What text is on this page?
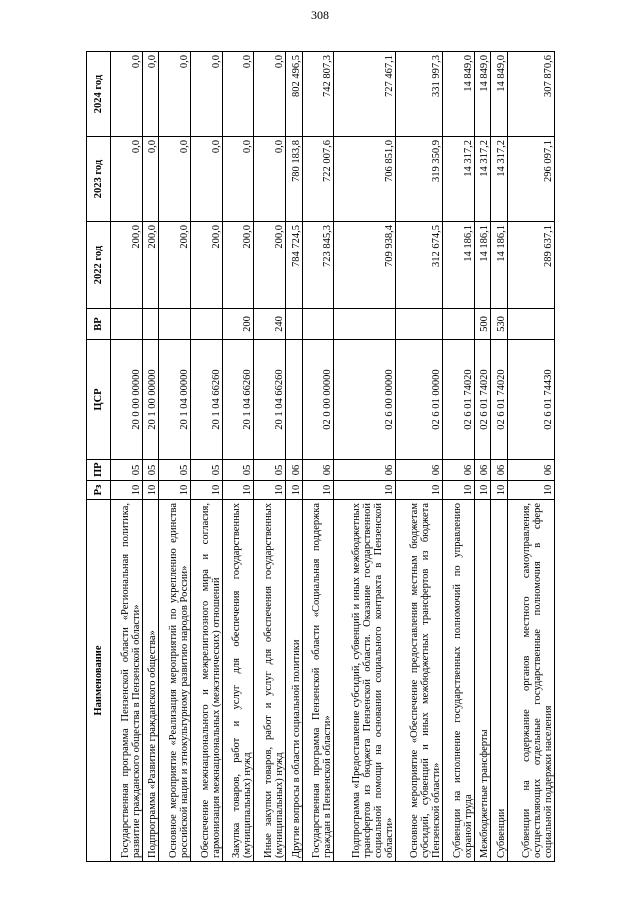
308
Наименование	Рз	ПР	ЦСР	ВР	2022 год	2023 год	2024 год
Государственная программа Пензенской области «Региональная политика, развитие гражданского общества в Пензенской области»	10	05	20 0 00 00000		200,0	0,0	0,0
Подпрограмма «Развитие гражданского общества»	10	05	20 1 00 00000		200,0	0,0	0,0
Основное мероприятие «Реализация мероприятий по укреплению единства российской нации и этнокультурному развитию народов России»	10	05	20 1 04 00000		200,0	0,0	0,0
Обеспечение межнационального и межрелигиозного мира и согласия, гармонизация межнациональных (межэтнических) отношений	10	05	20 1 04 66260		200,0	0,0	0,0
Закупка товаров, работ и услуг для обеспечения государственных (муниципальных) нужд	10	05	20 1 04 66260	200	200,0	0,0	0,0
Иные закупки товаров, работ и услуг для обеспечения государственных (муниципальных) нужд	10	05	20 1 04 66260	240	200,0	0,0	0,0
Другие вопросы в области социальной политики	10	06			784 724,5	780 183,8	802 496,5
Государственная программа Пензенской области «Социальная поддержка граждан в Пензенской области»	10	06	02 0 00 00000		723 845,3	722 007,6	742 807,3
Подпрограмма «Предоставление субсидий, субвенций и иных межбюджетных трансфертов из бюджета Пензенской области. Оказание государственной социальной помощи на основании социального контракта в Пензенской области»	10	06	02 6 00 00000		709 938,4	706 851,0	727 467,1
Основное мероприятие «Обеспечение предоставления местным бюджетам субсидий, субвенций и иных межбюджетных трансфертов из бюджета Пензенской области»	10	06	02 6 01 00000		312 674,5	319 350,9	331 997,3
Субвенции на исполнение государственных полномочий по управлению охраной труда	10	06	02 6 01 74020		14 186,1	14 317,2	14 849,0
Межбюджетные трансферты	10	06	02 6 01 74020	500	14 186,1	14 317,2	14 849,0
Субвенции	10	06	02 6 01 74020	530	14 186,1	14 317,2	14 849,0
Субвенции на содержание органов местного самоуправления, осуществляющих отдельные государственные полномочия в сфере социальной поддержки населения	10	06	02 6 01 74430		289 637,1	296 097,1	307 870,6
